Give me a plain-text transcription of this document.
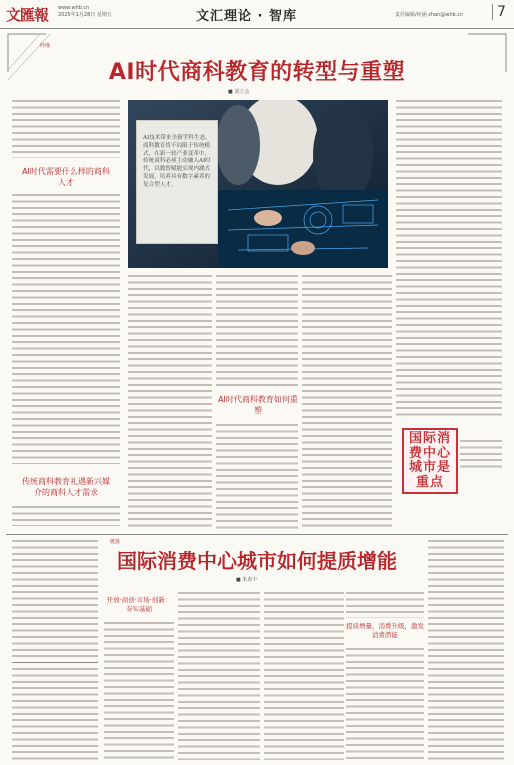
文匯報 www.whb.cn
2025年1月28日 星期五	文汇理论 · 智库	责任编辑/何涵 zhan@whb.cn	7
经缘
AI时代商科教育的转型与重塑
■ 刘立会
AI时代需要什么样的商科人才
传统商科教育礼遇新兴媒介的商科人才需求
AI技术带来全新学科生态，商科教育将不局限于传统模式，在新一轮产业变革中，传统商科必须主动融入AI时代，以数智赋能实现内涵式发展，培养具有数字素养的复合型人才。
AI时代商科教育如何重塑
国际消费中心城市是重点
链接
国际消费中心城市如何提质增能
■ 朱春丰
开放·商创·市场·创新：夯实基础
提质增量，消费升级，激发消费潜能
